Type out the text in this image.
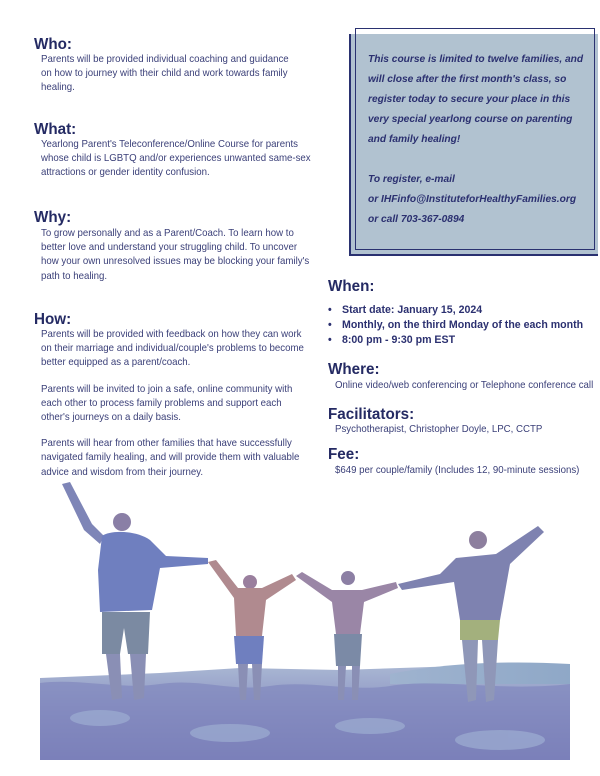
Who:
Parents will be provided individual coaching and guidance
on how to journey with their child and work towards family
healing.
What:
Yearlong Parent's Teleconference/Online Course for parents
whose child is LGBTQ and/or experiences unwanted same-sex
attractions or gender identity confusion.
Why:
To grow personally and as a Parent/Coach. To learn how to
better love and understand your struggling child. To uncover
how your own unresolved issues may be blocking your family's
path to healing.
How:
Parents will be provided with feedback on how they can work
on their marriage and individual/couple's problems to become
better equipped as a parent/coach.
Parents will be invited to join a safe, online community with
each other to process family problems and support each
other's journeys on a daily basis.
Parents will hear from other families that have successfully
navigated family healing, and will provide them with valuable
advice and wisdom from their journey.

This course is limited to twelve families, and

will close after the first month's class, so

register today to secure your place in this

very special yearlong course on parenting

and family healing!

To register, e-mail

or IHFinfo@InstituteforHealthyFamilies.org

or call 703-367-0894

When:
• Start date: January 15, 2024
• Monthly, on the third Monday of the each month
• 8:00 pm - 9:30 pm EST
Where:
Online video/web conferencing or Telephone conference call
Facilitators:
Psychotherapist, Christopher Doyle, LPC, CCTP
Fee:
$649 per couple/family (Includes 12, 90-minute sessions)
